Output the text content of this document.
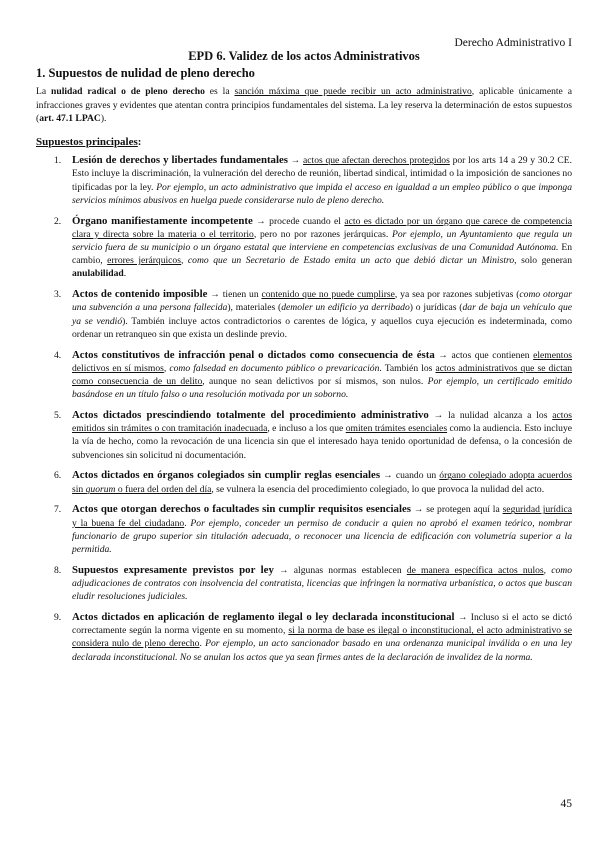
Derecho Administrativo I
EPD 6. Validez de los actos Administrativos
1. Supuestos de nulidad de pleno derecho

La nulidad radical o de pleno derecho es la sanción máxima que puede recibir un acto administrativo, aplicable únicamente a infracciones graves y evidentes que atentan contra principios fundamentales del sistema. La ley reserva la determinación de estos supuestos (art. 47.1 LPAC).

Supuestos principales:
1. Lesión de derechos y libertades fundamentales → actos que afectan derechos protegidos por los arts 14 a 29 y 30.2 CE. Esto incluye la discriminación, la vulneración del derecho de reunión, libertad sindical, intimidad o la imposición de sanciones no tipificadas por la ley. Por ejemplo, un acto administrativo que impida el acceso en igualdad a un empleo público o que imponga servicios mínimos abusivos en huelga puede considerarse nulo de pleno derecho.
2. Órgano manifiestamente incompetente → procede cuando el acto es dictado por un órgano que carece de competencia clara y directa sobre la materia o el territorio, pero no por razones jerárquicas. Por ejemplo, un Ayuntamiento que regula un servicio fuera de su municipio o un órgano estatal que interviene en competencias exclusivas de una Comunidad Autónoma. En cambio, errores jerárquicos, como que un Secretario de Estado emita un acto que debió dictar un Ministro, solo generan anulabilidad.
3. Actos de contenido imposible → tienen un contenido que no puede cumplirse, ya sea por razones subjetivas (como otorgar una subvención a una persona fallecida), materiales (demoler un edificio ya derribado) o jurídicas (dar de baja un vehículo que ya se vendió). También incluye actos contradictorios o carentes de lógica, y aquellos cuya ejecución es indeterminada, como ordenar un retranqueo sin que exista un deslinde previo.
4. Actos constitutivos de infracción penal o dictados como consecuencia de ésta → actos que contienen elementos delictivos en sí mismos, como falsedad en documento público o prevaricación. También los actos administrativos que se dictan como consecuencia de un delito, aunque no sean delictivos por sí mismos, son nulos. Por ejemplo, un certificado emitido basándose en un título falso o una resolución motivada por un soborno.
5. Actos dictados prescindiendo totalmente del procedimiento administrativo → la nulidad alcanza a los actos emitidos sin trámites o con tramitación inadecuada, e incluso a los que omiten trámites esenciales como la audiencia. Esto incluye la vía de hecho, como la revocación de una licencia sin que el interesado haya tenido oportunidad de defensa, o la concesión de subvenciones sin solicitud ni documentación.
6. Actos dictados en órganos colegiados sin cumplir reglas esenciales → cuando un órgano colegiado adopta acuerdos sin quorum o fuera del orden del día, se vulnera la esencia del procedimiento colegiado, lo que provoca la nulidad del acto.
7. Actos que otorgan derechos o facultades sin cumplir requisitos esenciales → se protegen aquí la seguridad jurídica y la buena fe del ciudadano. Por ejemplo, conceder un permiso de conducir a quien no aprobó el examen teórico, nombrar funcionario de grupo superior sin titulación adecuada, o reconocer una licencia de edificación con volumetría superior a la permitida.
8. Supuestos expresamente previstos por ley → algunas normas establecen de manera específica actos nulos, como adjudicaciones de contratos con insolvencia del contratista, licencias que infringen la normativa urbanística, o actos que buscan eludir resoluciones judiciales.
9. Actos dictados en aplicación de reglamento ilegal o ley declarada inconstitucional → Incluso si el acto se dictó correctamente según la norma vigente en su momento, si la norma de base es ilegal o inconstitucional, el acto administrativo se considera nulo de pleno derecho. Por ejemplo, un acto sancionador basado en una ordenanza municipal inválida o en una ley declarada inconstitucional. No se anulan los actos que ya sean firmes antes de la declaración de invalidez de la norma.
45
